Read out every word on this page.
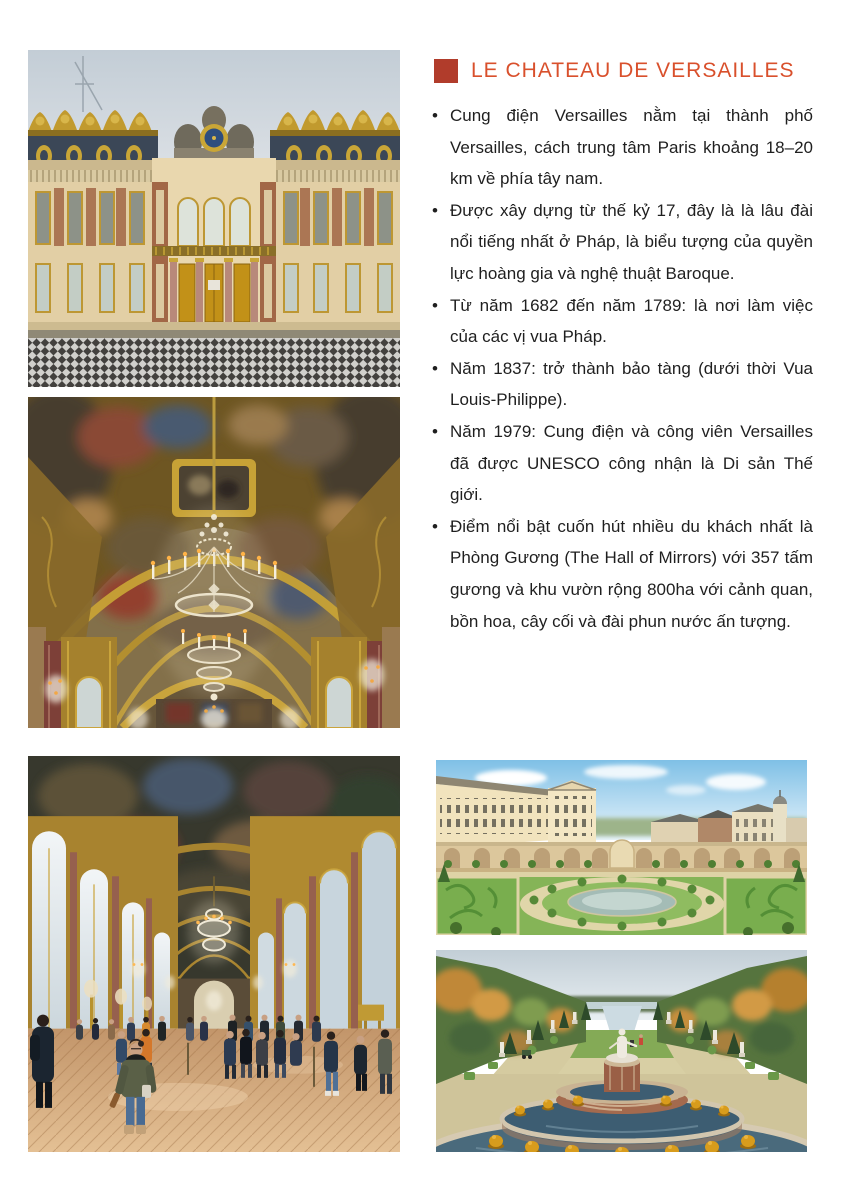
LE CHATEAU DE VERSAILLES
• Cung điện Versailles nằm tại thành phố Versailles, cách trung tâm Paris khoảng 18–20 km về phía tây nam.
• Được xây dựng từ thế kỷ 17, đây là là lâu đài nổi tiếng nhất ở Pháp, là biểu tượng của quyền lực hoàng gia và nghệ thuật Baroque.
• Từ năm 1682 đến năm 1789: là nơi làm việc của các vị vua Pháp.
• Năm 1837: trở thành bảo tàng (dưới thời Vua Louis-Philippe).
• Năm 1979: Cung điện và công viên Versailles đã được UNESCO công nhận là Di sản Thế giới.
• Điểm nổi bật cuốn hút nhiều du khách nhất là Phòng Gương (The Hall of Mirrors) với 357 tấm gương và khu vườn rộng 800ha với cảnh quan, bồn hoa, cây cối và đài phun nước ấn tượng.
